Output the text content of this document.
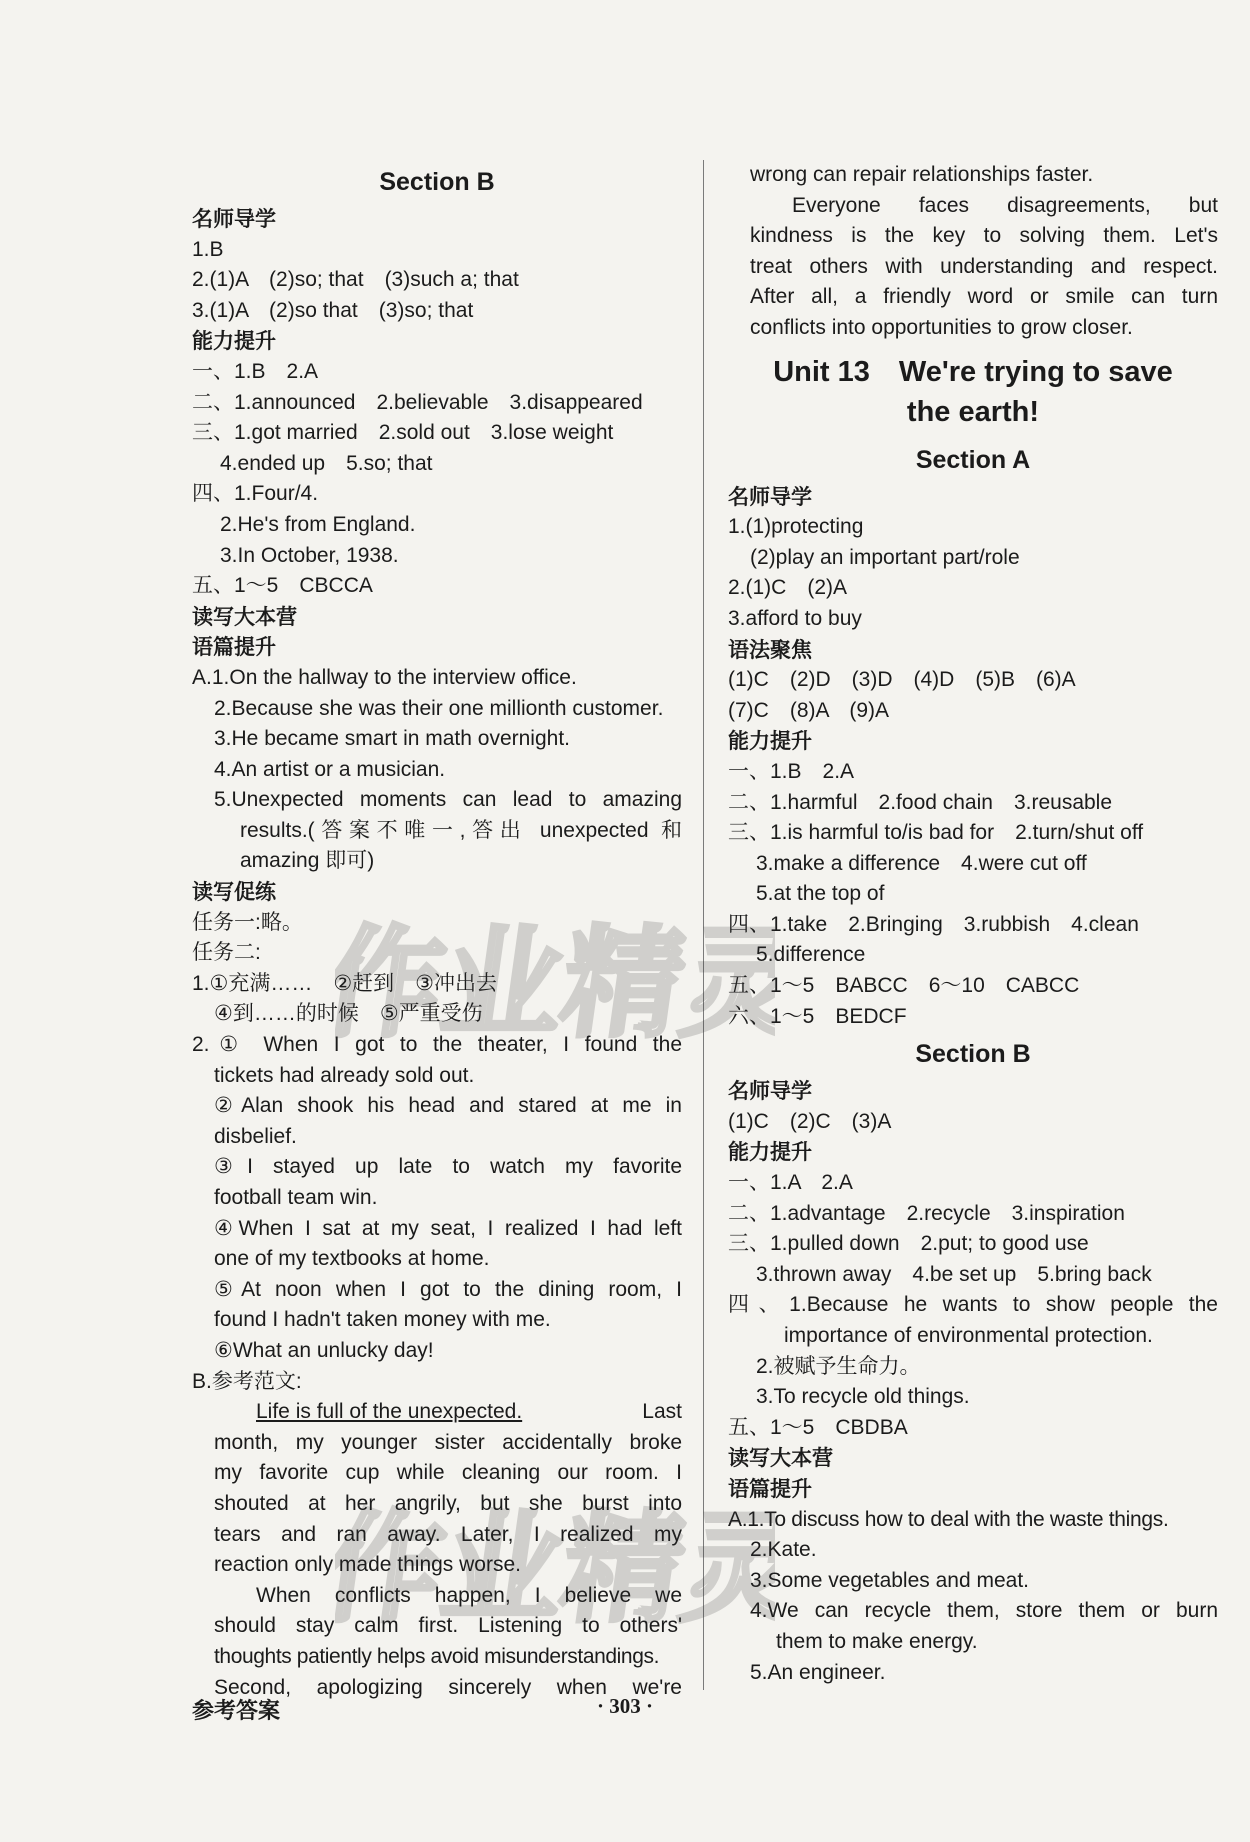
Section B
名师导学
1.B
2.(1)A　(2)so; that　(3)such a; that
3.(1)A　(2)so that　(3)so; that
能力提升
一、1.B　2.A
二、1.announced　2.believable　3.disappeared
三、1.got married　2.sold out　3.lose weight
4.ended up　5.so; that
四、1.Four/4.
2.He's from England.
3.In October, 1938.
五、1～5　CBCCA
读写大本营
语篇提升
A.1.On the hallway to the interview office.
2.Because she was their one millionth customer.
3.He became smart in math overnight.
4.An artist or a musician.
5.Unexpected moments can lead to amazing
results.(答案不唯一,答出 unexpected 和
amazing 即可)
读写促练
任务一:略。
任务二:
1.①充满……　②赶到　③冲出去
④到……的时候　⑤严重受伤
2.① When I got to the theater, I found the
tickets had already sold out.
②Alan shook his head and stared at me in
disbelief.
③I stayed up late to watch my favorite
football team win.
④When I sat at my seat, I realized I had left
one of my textbooks at home.
⑤At noon when I got to the dining room, I
found I hadn't taken money with me.
⑥What an unlucky day!
B.参考范文:
Life is full of the unexpected.	Last
month, my younger sister accidentally broke
my favorite cup while cleaning our room. I
shouted at her angrily, but she burst into
tears and ran away. Later, I realized my
reaction only made things worse.
When conflicts happen, I believe we
should stay calm first. Listening to others'
thoughts patiently helps avoid misunderstandings.
Second, apologizing sincerely when we're
wrong can repair relationships faster.
Everyone faces disagreements, but
kindness is the key to solving them. Let's
treat others with understanding and respect.
After all, a friendly word or smile can turn
conflicts into opportunities to grow closer.
Unit 13　We're trying to save
the earth!
Section A
名师导学
1.(1)protecting
(2)play an important part/role
2.(1)C　(2)A
3.afford to buy
语法聚焦
(1)C　(2)D　(3)D　(4)D　(5)B　(6)A
(7)C　(8)A　(9)A
能力提升
一、1.B　2.A
二、1.harmful　2.food chain　3.reusable
三、1.is harmful to/is bad for　2.turn/shut off
3.make a difference　4.were cut off
5.at the top of
四、1.take　2.Bringing　3.rubbish　4.clean
5.difference
五、1～5　BABCC　6～10　CABCC
六、1～5　BEDCF
Section B
名师导学
(1)C　(2)C　(3)A
能力提升
一、1.A　2.A
二、1.advantage　2.recycle　3.inspiration
三、1.pulled down　2.put; to good use
3.thrown away　4.be set up　5.bring back
四、1.Because he wants to show people the
importance of environmental protection.
2.被赋予生命力。
3.To recycle old things.
五、1～5　CBDBA
读写大本营
语篇提升
A.1.To discuss how to deal with the waste things.
2.Kate.
3.Some vegetables and meat.
4.We can recycle them, store them or burn
them to make energy.
5.An engineer.
作业精灵
作业精灵
参考答案	· 303 ·
